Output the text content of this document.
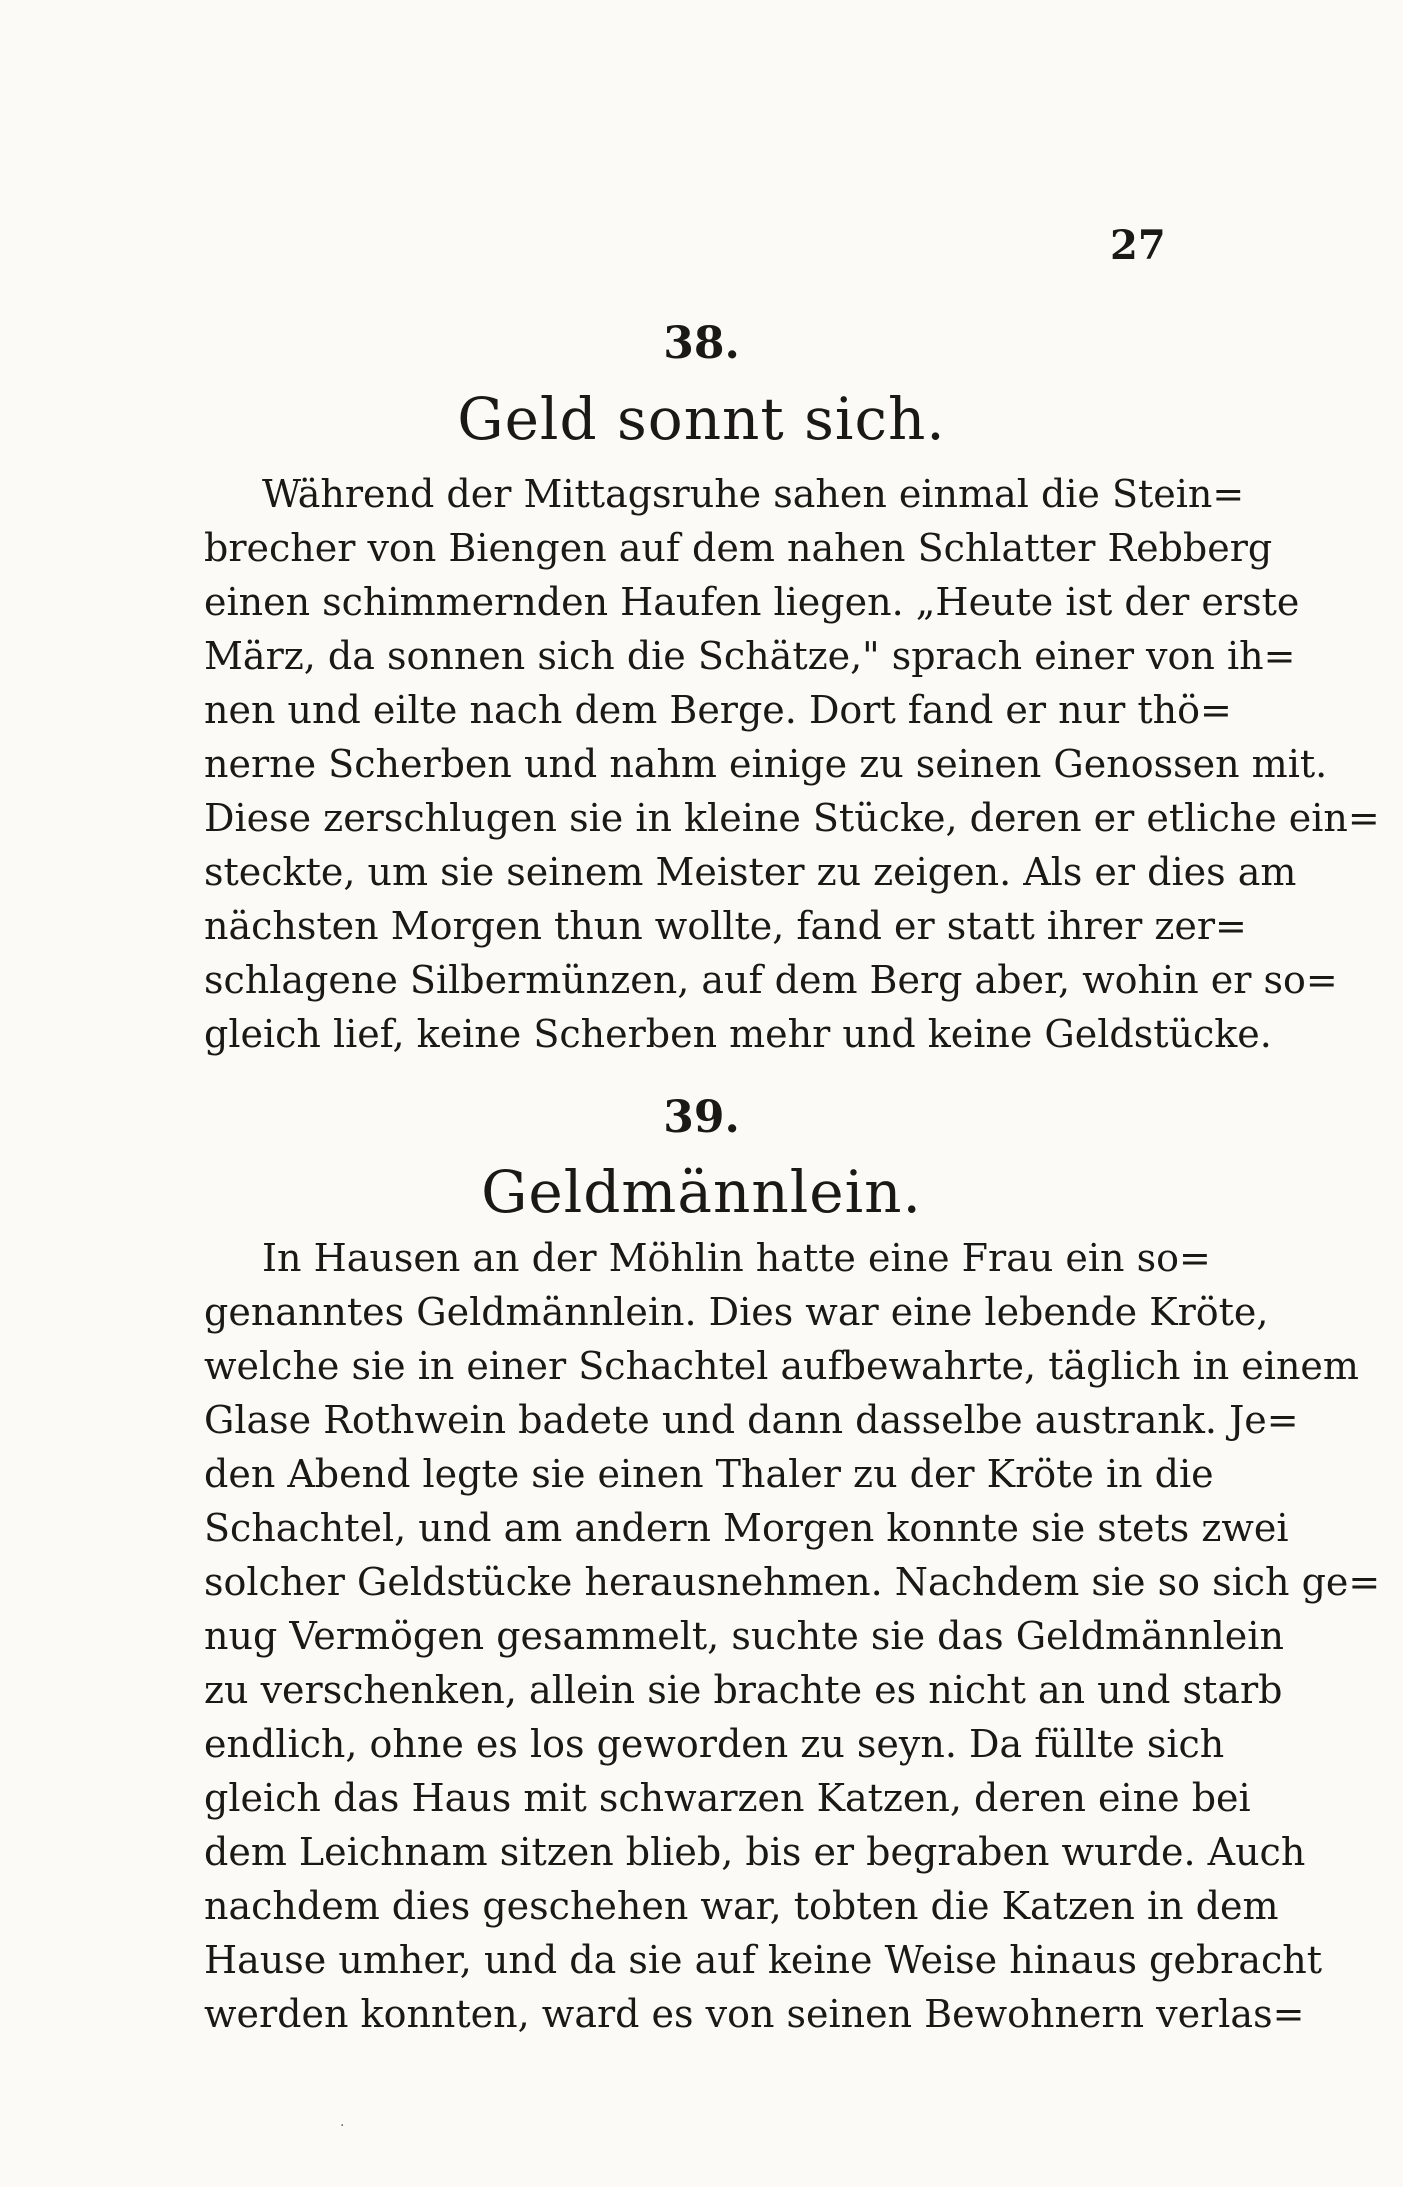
27
38.
Geld sonnt sich.
Während der Mittagsruhe sahen einmal die Stein=
brecher von Biengen auf dem nahen Schlatter Rebberg
einen schimmernden Haufen liegen. „Heute ist der erste
März, da sonnen sich die Schätze," sprach einer von ih=
nen und eilte nach dem Berge. Dort fand er nur thö=
nerne Scherben und nahm einige zu seinen Genossen mit.
Diese zerschlugen sie in kleine Stücke, deren er etliche ein=
steckte, um sie seinem Meister zu zeigen. Als er dies am
nächsten Morgen thun wollte, fand er statt ihrer zer=
schlagene Silbermünzen, auf dem Berg aber, wohin er so=
gleich lief, keine Scherben mehr und keine Geldstücke.
39.
Geldmännlein.
In Hausen an der Möhlin hatte eine Frau ein so=
genanntes Geldmännlein. Dies war eine lebende Kröte,
welche sie in einer Schachtel aufbewahrte, täglich in einem
Glase Rothwein badete und dann dasselbe austrank. Je=
den Abend legte sie einen Thaler zu der Kröte in die
Schachtel, und am andern Morgen konnte sie stets zwei
solcher Geldstücke herausnehmen. Nachdem sie so sich ge=
nug Vermögen gesammelt, suchte sie das Geldmännlein
zu verschenken, allein sie brachte es nicht an und starb
endlich, ohne es los geworden zu seyn. Da füllte sich
gleich das Haus mit schwarzen Katzen, deren eine bei
dem Leichnam sitzen blieb, bis er begraben wurde. Auch
nachdem dies geschehen war, tobten die Katzen in dem
Hause umher, und da sie auf keine Weise hinaus gebracht
werden konnten, ward es von seinen Bewohnern verlas=
·
